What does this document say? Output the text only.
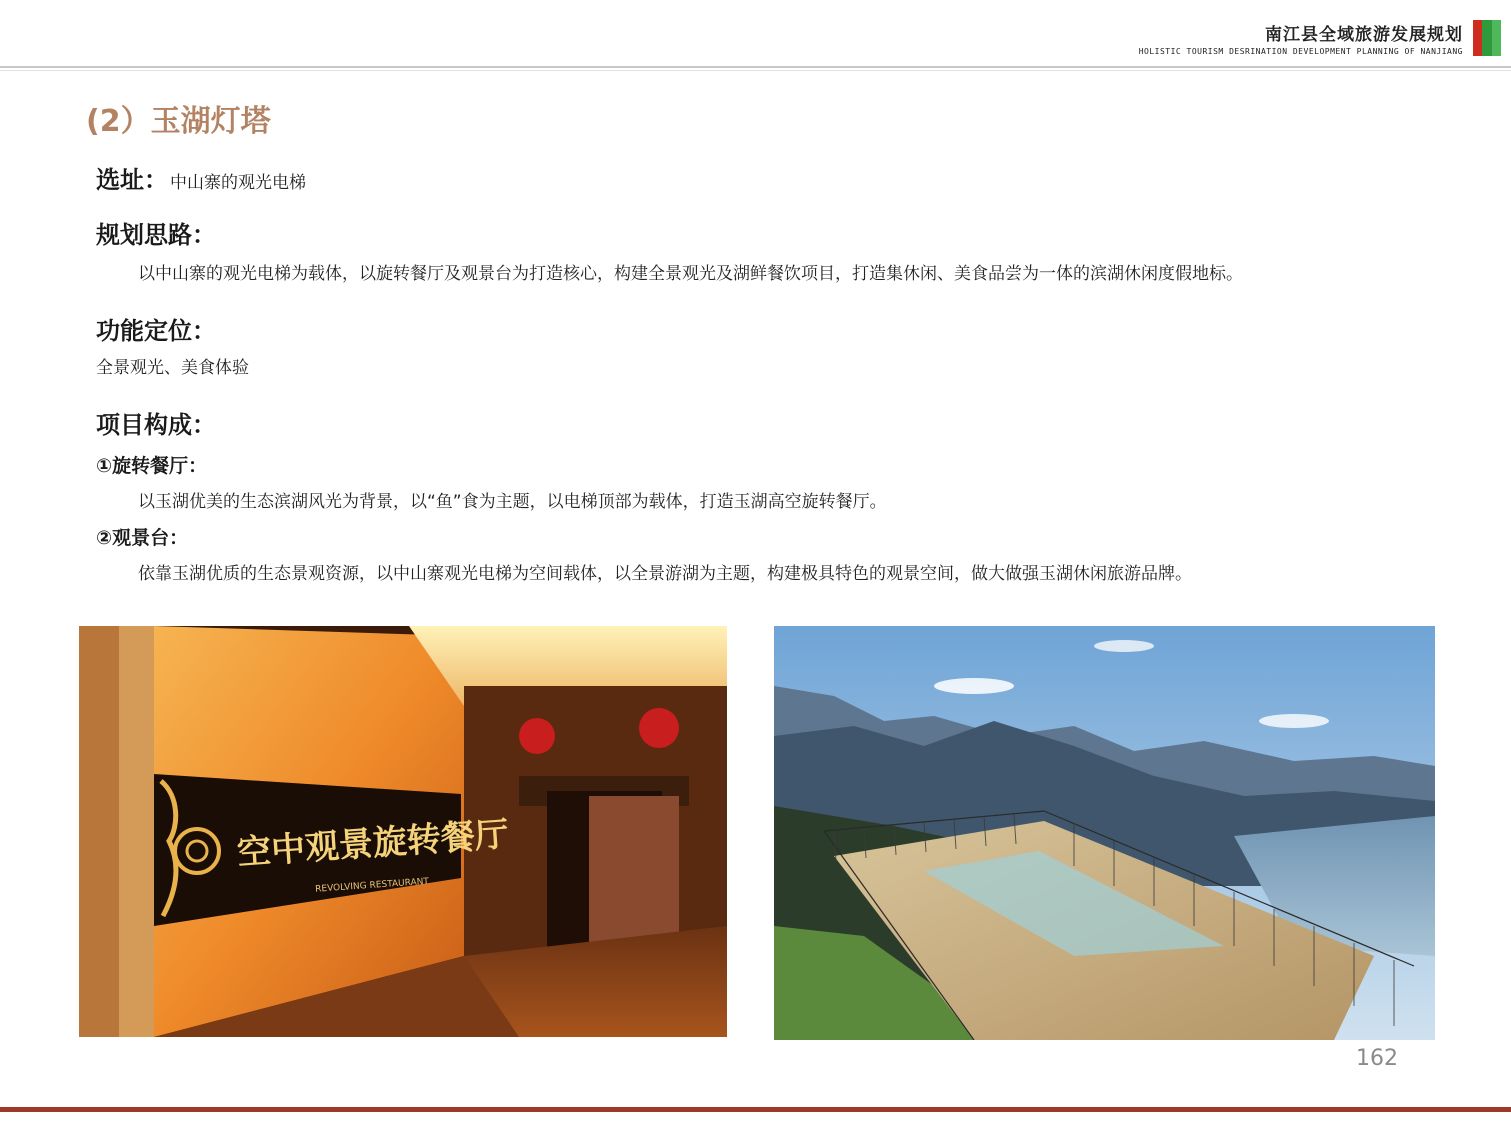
南江县全域旅游发展规划
HOLISTIC TOURISM DESRINATION DEVELOPMENT PLANNING OF NANJIANG
(2）玉湖灯塔
选址： 中山寨的观光电梯
规划思路：
以中山寨的观光电梯为载体，以旋转餐厅及观景台为打造核心，构建全景观光及湖鲜餐饮项目，打造集休闲、美食品尝为一体的滨湖休闲度假地标。
功能定位：
全景观光、美食体验
项目构成：
①旋转餐厅：
以玉湖优美的生态滨湖风光为背景，以“鱼”食为主题，以电梯顶部为载体，打造玉湖高空旋转餐厅。
②观景台：
依靠玉湖优质的生态景观资源，以中山寨观光电梯为空间载体，以全景游湖为主题，构建极具特色的观景空间，做大做强玉湖休闲旅游品牌。
空中观景旋转餐厅
REVOLVING RESTAURANT
162
